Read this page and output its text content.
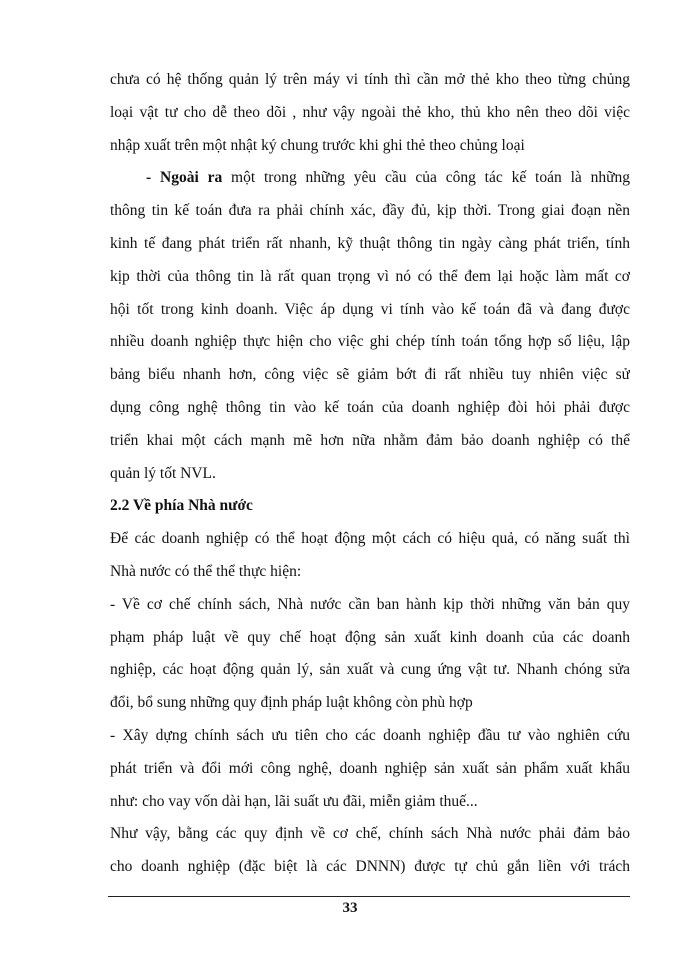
chưa có hệ thống quản lý trên máy vi tính thì cần mở thẻ kho theo từng chủng
loại vật tư cho dễ theo dõi , như vậy ngoài thẻ kho, thủ kho nên theo dõi việc
nhập xuất trên một nhật ký chung trước khi ghi thẻ theo chủng loại
- Ngoài ra một trong những yêu cầu của công tác kế toán là những
thông tin kế toán đưa ra phải chính xác, đầy đủ, kịp thời. Trong giai đoạn nền
kinh tế đang phát triển rất nhanh, kỹ thuật thông tin ngày càng phát triển, tính
kịp thời của thông tin là rất quan trọng vì nó có thể đem lại hoặc làm mất cơ
hội tốt trong kinh doanh. Việc áp dụng vi tính vào kế toán đã và đang được
nhiều doanh nghiệp thực hiện cho việc ghi chép tính toán tổng hợp số liệu, lập
bảng biểu nhanh hơn, công việc sẽ giảm bớt đi rất nhiều tuy nhiên việc sử
dụng công nghệ thông tin vào kế toán của doanh nghiệp đòi hỏi phải được
triển khai một cách mạnh mẽ hơn nữa nhằm đảm bảo doanh nghiệp có thể
quản lý tốt NVL.
2.2 Về phía Nhà nước
Để các doanh nghiệp có thể hoạt động một cách có hiệu quả, có năng suất thì
Nhà nước có thể thể thực hiện:
- Về cơ chế chính sách, Nhà nước cần ban hành kịp thời những văn bản quy
phạm pháp luật về quy chế hoạt động sản xuất kinh doanh của các doanh
nghiệp, các hoạt động quản lý, sản xuất và cung ứng vật tư. Nhanh chóng sửa
đổi, bổ sung những quy định pháp luật không còn phù hợp
- Xây dựng chính sách ưu tiên cho các doanh nghiệp đầu tư vào nghiên cứu
phát triển và đổi mới công nghệ, doanh nghiệp sản xuất sản phẩm xuất khẩu
như: cho vay vốn dài hạn, lãi suất ưu đãi, miễn giảm thuế...
Như vậy, bằng các quy định về cơ chế, chính sách Nhà nước phải đảm bảo
cho doanh nghiệp (đặc biệt là các DNNN) được tự chủ gắn liền với trách
33
